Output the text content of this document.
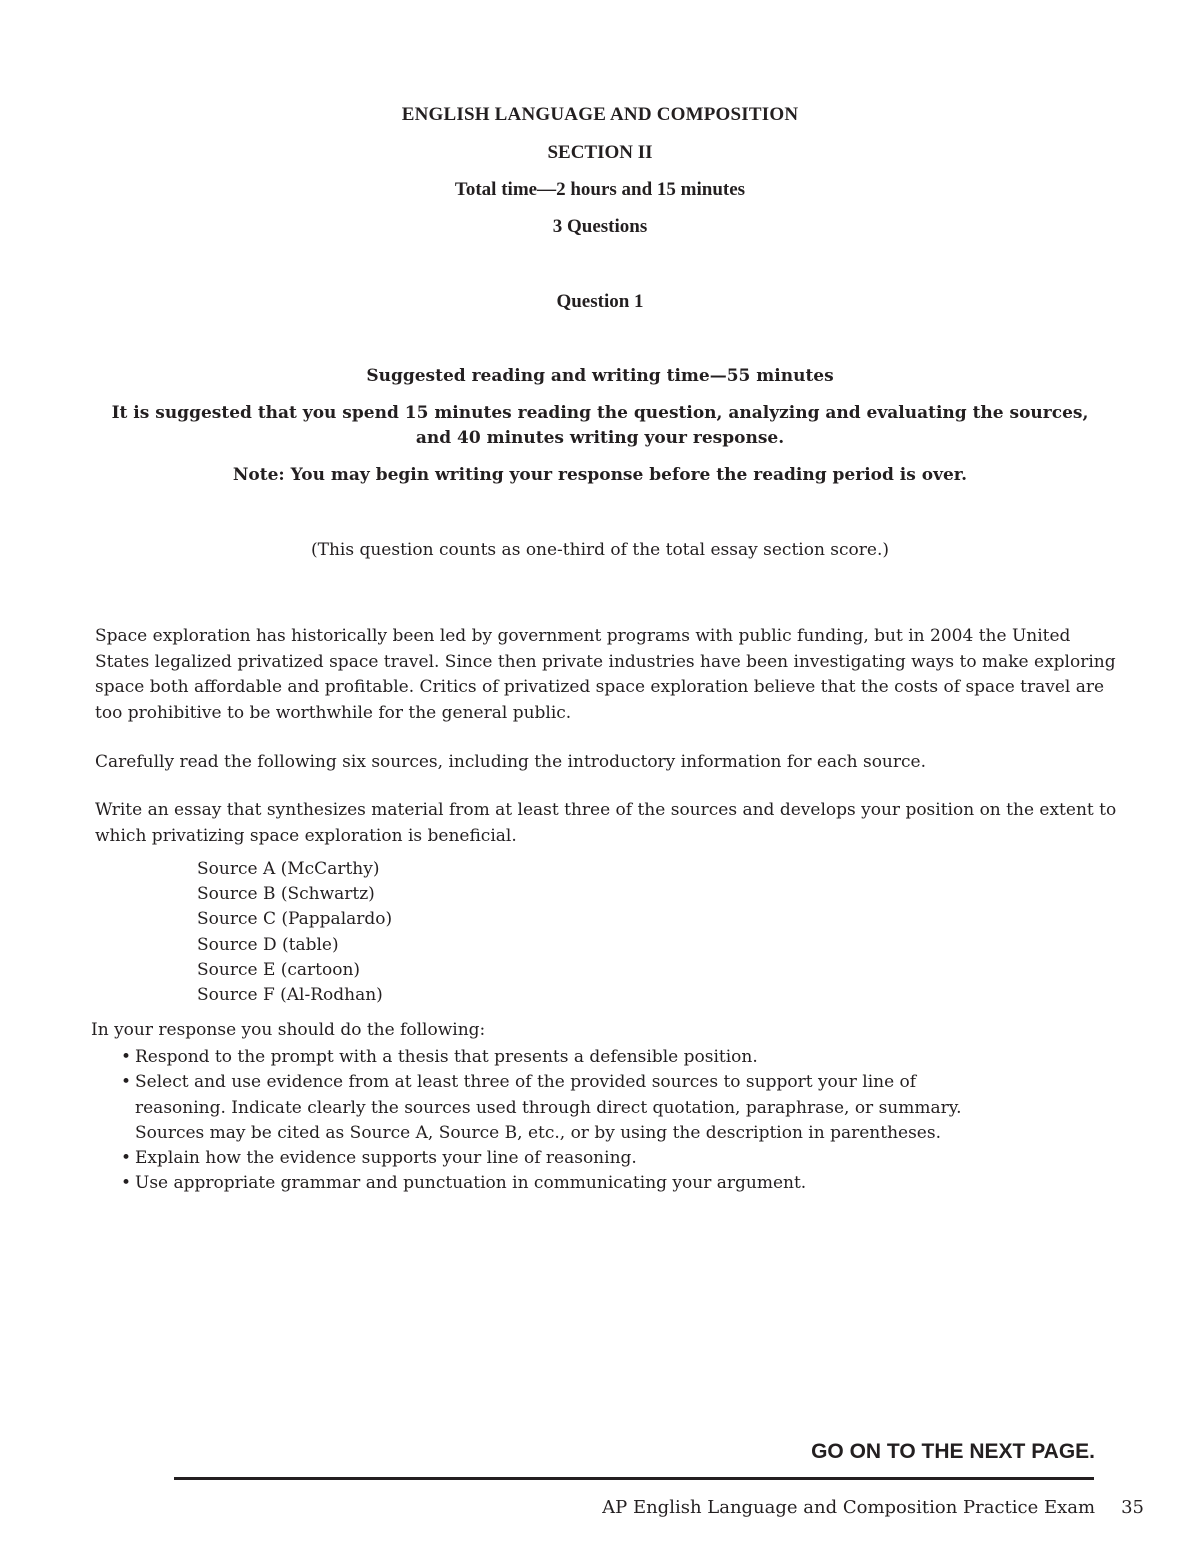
ENGLISH LANGUAGE AND COMPOSITION
SECTION II
Total time—2 hours and 15 minutes
3 Questions
Question 1
Suggested reading and writing time—55 minutes
It is suggested that you spend 15 minutes reading the question, analyzing and evaluating the sources,
and 40 minutes writing your response.
Note: You may begin writing your response before the reading period is over.
(This question counts as one-third of the total essay section score.)
Space exploration has historically been led by government programs with public funding, but in 2004 the United
States legalized privatized space travel. Since then private industries have been investigating ways to make exploring
space both affordable and profitable. Critics of privatized space exploration believe that the costs of space travel are
too prohibitive to be worthwhile for the general public.
Carefully read the following six sources, including the introductory information for each source.
Write an essay that synthesizes material from at least three of the sources and develops your position on the extent to
which privatizing space exploration is beneficial.
Source A (McCarthy)
Source B (Schwartz)
Source C (Pappalardo)
Source D (table)
Source E (cartoon)
Source F (Al-Rodhan)
In your response you should do the following:
• Respond to the prompt with a thesis that presents a defensible position.
• Select and use evidence from at least three of the provided sources to support your line of
reasoning. Indicate clearly the sources used through direct quotation, paraphrase, or summary.
Sources may be cited as Source A, Source B, etc., or by using the description in parentheses.
• Explain how the evidence supports your line of reasoning.
• Use appropriate grammar and punctuation in communicating your argument.
GO ON TO THE NEXT PAGE.
AP English Language and Composition Practice Exam 35
